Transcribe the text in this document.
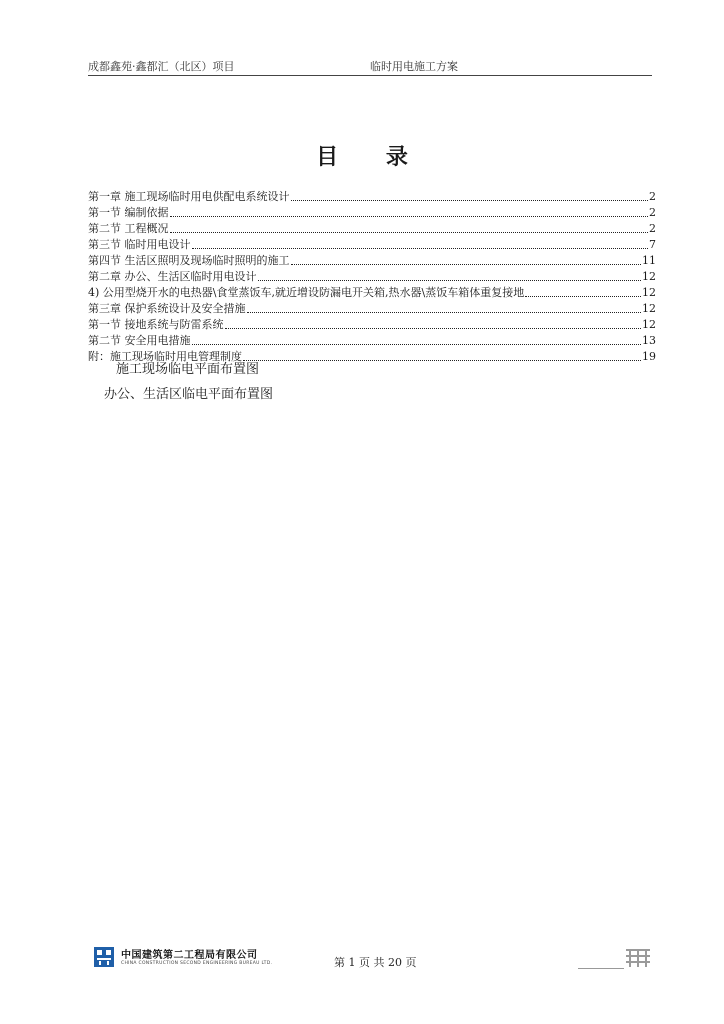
成都鑫苑·鑫都汇（北区）项目	临时用电施工方案
目 录
第一章 施工现场临时用电供配电系统设计	2
第一节 编制依据	2
第二节 工程概况	2
第三节 临时用电设计	7
第四节 生活区照明及现场临时照明的施工	11
第二章 办公、生活区临时用电设计	12
4) 公用型烧开水的电热器\食堂蒸饭车,就近增设防漏电开关箱,热水器\蒸饭车箱体重复接地	12
第三章 保护系统设计及安全措施	12
第一节 接地系统与防雷系统	12
第二节 安全用电措施	13
附：施工现场临时用电管理制度	19
施工现场临电平面布置图
办公、生活区临电平面布置图
中国建筑第二工程局有限公司
CHINA CONSTRUCTION SECOND ENGINEERING BUREAU LTD.	第 1 页 共 20 页
